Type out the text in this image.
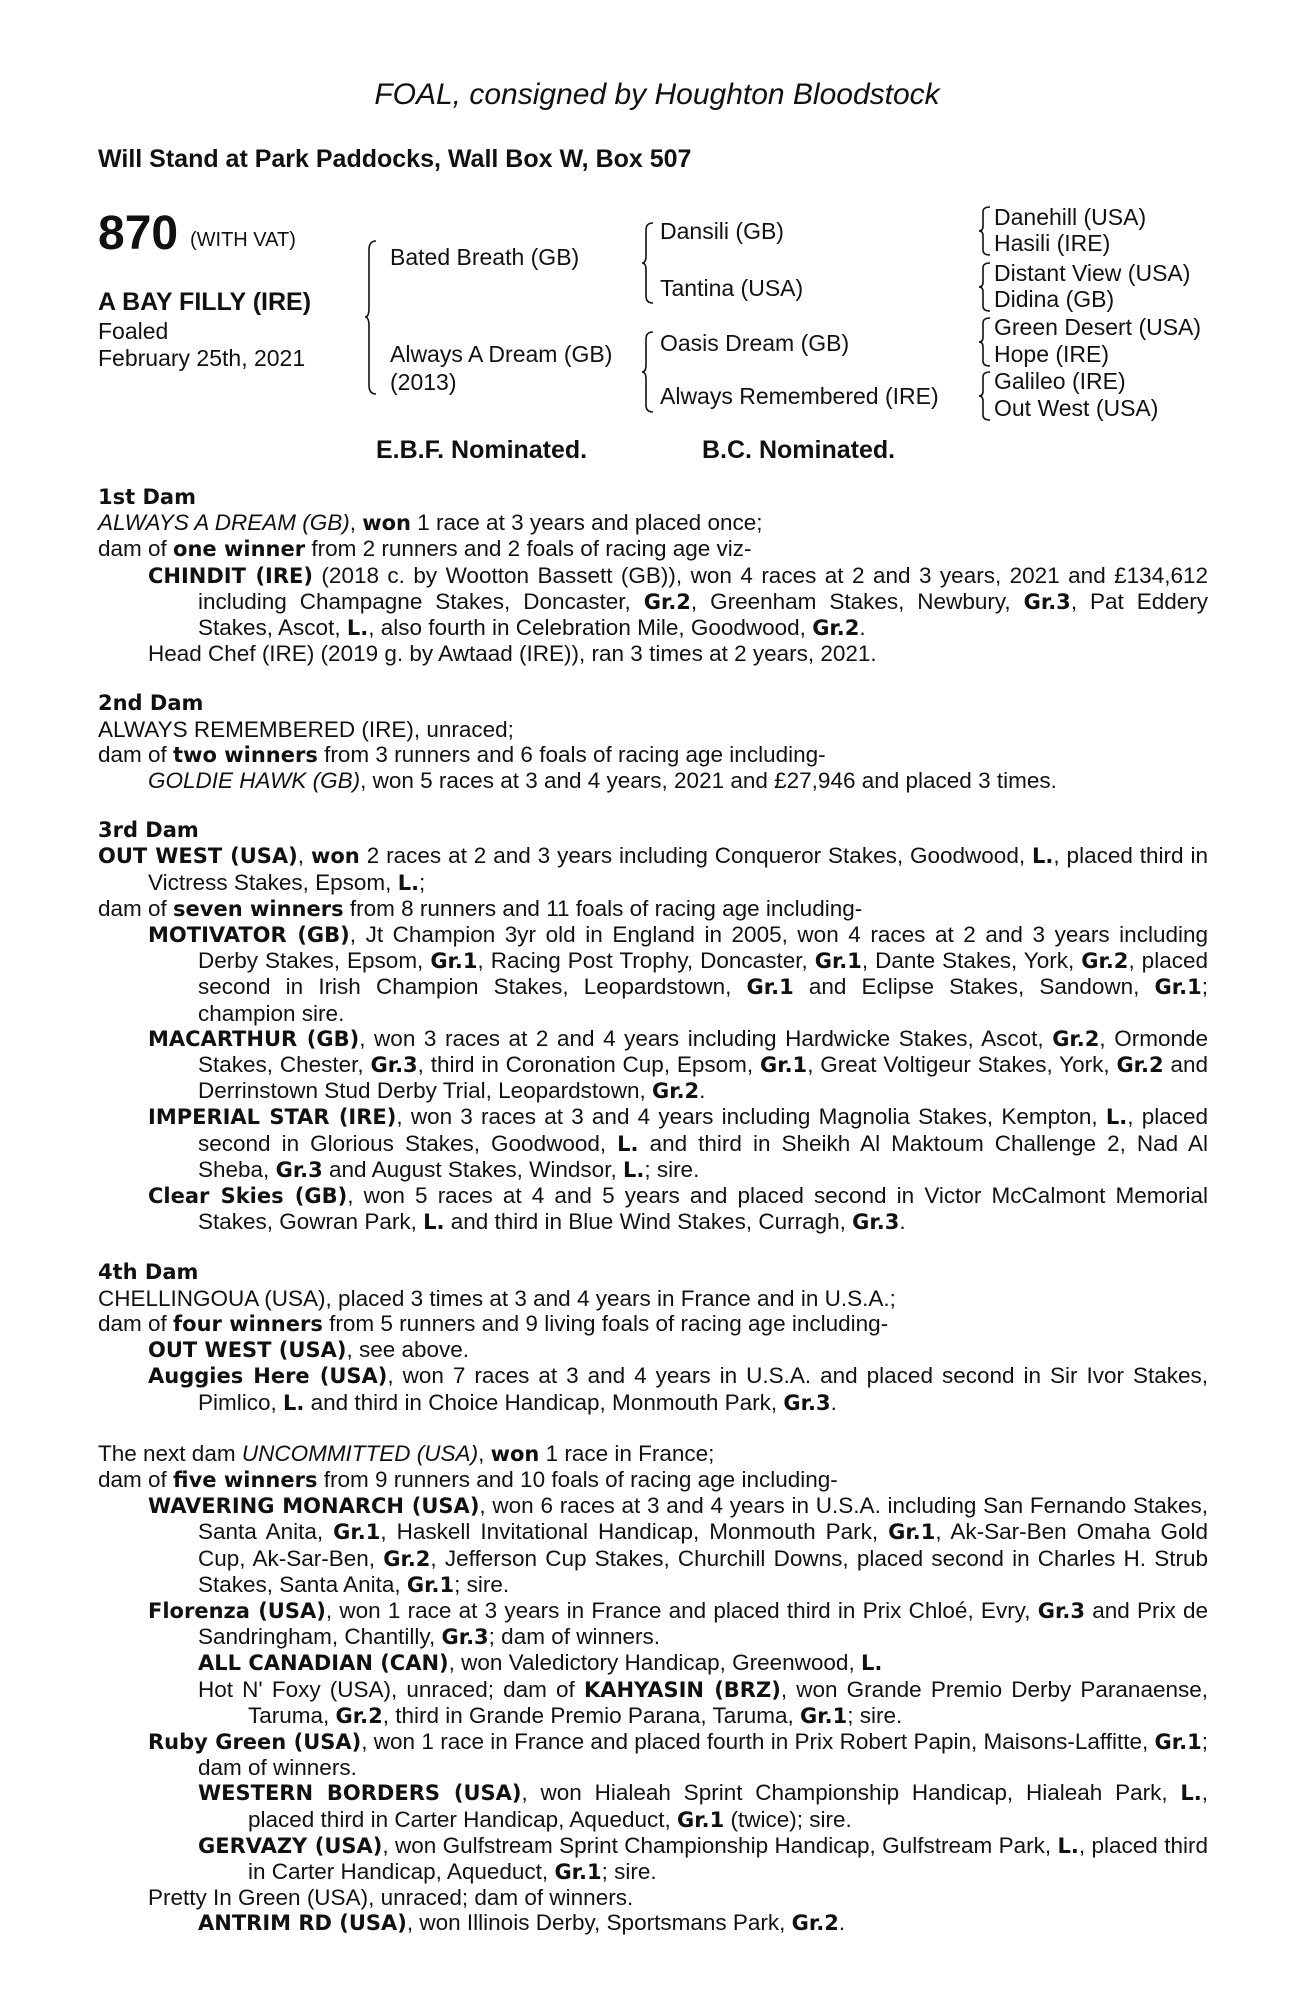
FOAL, consigned by Houghton Bloodstock
Will Stand at Park Paddocks, Wall Box W, Box 507
870 (WITH VAT)
A BAY FILLY (IRE)
Foaled
February 25th, 2021
Bated Breath (GB)
Always A Dream (GB)
(2013)
Dansili (GB)
Tantina (USA)
Oasis Dream (GB)
Always Remembered (IRE)
Danehill (USA)
Hasili (IRE)
Distant View (USA)
Didina (GB)
Green Desert (USA)
Hope (IRE)
Galileo (IRE)
Out West (USA)
E.B.F. Nominated.	B.C. Nominated.

1st Dam

ALWAYS A DREAM (GB), won 1 race at 3 years and placed once;

dam of one winner from 2 runners and 2 foals of racing age viz-

CHINDIT (IRE) (2018 c. by Wootton Bassett (GB)), won 4 races at 2 and 3 years, 2021 and £134,612 including Champagne Stakes, Doncaster, Gr.2, Greenham Stakes, Newbury, Gr.3, Pat Eddery Stakes, Ascot, L., also fourth in Celebration Mile, Goodwood, Gr.2.

Head Chef (IRE) (2019 g. by Awtaad (IRE)), ran 3 times at 2 years, 2021.

2nd Dam

ALWAYS REMEMBERED (IRE), unraced;

dam of two winners from 3 runners and 6 foals of racing age including-

GOLDIE HAWK (GB), won 5 races at 3 and 4 years, 2021 and £27,946 and placed 3 times.

3rd Dam

OUT WEST (USA), won 2 races at 2 and 3 years including Conqueror Stakes, Goodwood, L., placed third in Victress Stakes, Epsom, L.;

dam of seven winners from 8 runners and 11 foals of racing age including-

MOTIVATOR (GB), Jt Champion 3yr old in England in 2005, won 4 races at 2 and 3 years including Derby Stakes, Epsom, Gr.1, Racing Post Trophy, Doncaster, Gr.1, Dante Stakes, York, Gr.2, placed second in Irish Champion Stakes, Leopardstown, Gr.1 and Eclipse Stakes, Sandown, Gr.1; champion sire.

MACARTHUR (GB), won 3 races at 2 and 4 years including Hardwicke Stakes, Ascot, Gr.2, Ormonde Stakes, Chester, Gr.3, third in Coronation Cup, Epsom, Gr.1, Great Voltigeur Stakes, York, Gr.2 and Derrinstown Stud Derby Trial, Leopardstown, Gr.2.

IMPERIAL STAR (IRE), won 3 races at 3 and 4 years including Magnolia Stakes, Kempton, L., placed second in Glorious Stakes, Goodwood, L. and third in Sheikh Al Maktoum Challenge 2, Nad Al Sheba, Gr.3 and August Stakes, Windsor, L.; sire.

Clear Skies (GB), won 5 races at 4 and 5 years and placed second in Victor McCalmont Memorial Stakes, Gowran Park, L. and third in Blue Wind Stakes, Curragh, Gr.3.

4th Dam

CHELLINGOUA (USA), placed 3 times at 3 and 4 years in France and in U.S.A.;

dam of four winners from 5 runners and 9 living foals of racing age including-

OUT WEST (USA), see above.

Auggies Here (USA), won 7 races at 3 and 4 years in U.S.A. and placed second in Sir Ivor Stakes, Pimlico, L. and third in Choice Handicap, Monmouth Park, Gr.3.

The next dam UNCOMMITTED (USA), won 1 race in France;

dam of five winners from 9 runners and 10 foals of racing age including-

WAVERING MONARCH (USA), won 6 races at 3 and 4 years in U.S.A. including San Fernando Stakes, Santa Anita, Gr.1, Haskell Invitational Handicap, Monmouth Park, Gr.1, Ak-Sar-Ben Omaha Gold Cup, Ak-Sar-Ben, Gr.2, Jefferson Cup Stakes, Churchill Downs, placed second in Charles H. Strub Stakes, Santa Anita, Gr.1; sire.

Florenza (USA), won 1 race at 3 years in France and placed third in Prix Chloé, Evry, Gr.3 and Prix de Sandringham, Chantilly, Gr.3; dam of winners.

ALL CANADIAN (CAN), won Valedictory Handicap, Greenwood, L.

Hot N' Foxy (USA), unraced; dam of KAHYASIN (BRZ), won Grande Premio Derby Paranaense, Taruma, Gr.2, third in Grande Premio Parana, Taruma, Gr.1; sire.

Ruby Green (USA), won 1 race in France and placed fourth in Prix Robert Papin, Maisons-Laffitte, Gr.1; dam of winners.

WESTERN BORDERS (USA), won Hialeah Sprint Championship Handicap, Hialeah Park, L., placed third in Carter Handicap, Aqueduct, Gr.1 (twice); sire.

GERVAZY (USA), won Gulfstream Sprint Championship Handicap, Gulfstream Park, L., placed third in Carter Handicap, Aqueduct, Gr.1; sire.

Pretty In Green (USA), unraced; dam of winners.

ANTRIM RD (USA), won Illinois Derby, Sportsmans Park, Gr.2.
